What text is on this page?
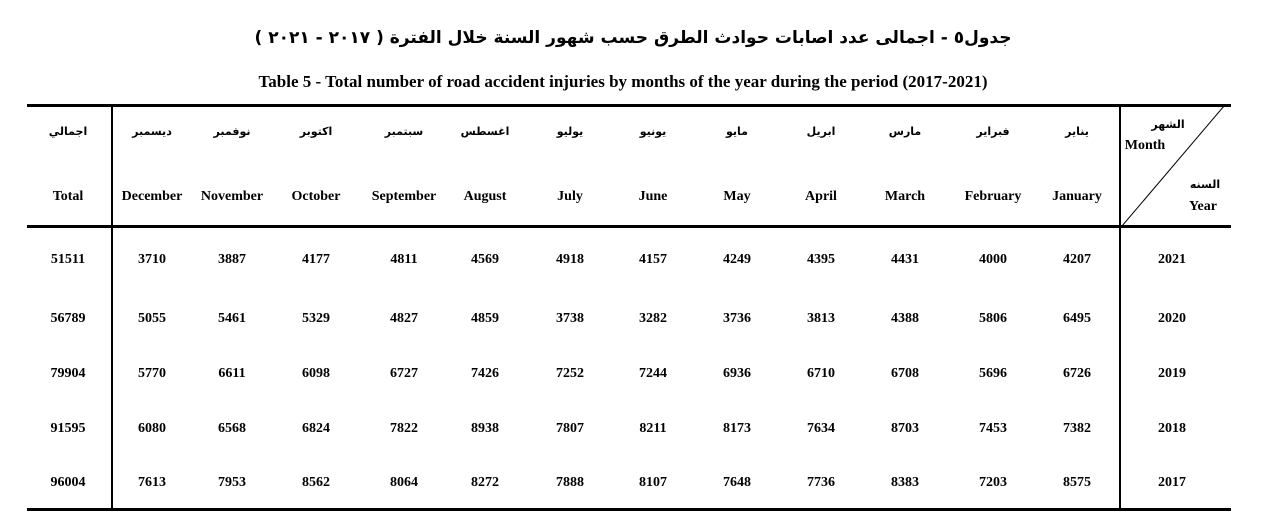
جدول٥ - اجمالى عدد اصابات حوادث الطرق حسب شهور السنة خلال الفترة ( ٢٠١٧ - ٢٠٢١ )
Table 5 - Total number of road accident injuries by months of the year during the period (2017-2021)
الشهر
Month
السنه
Year
يناير
January
فبراير
February
مارس
March
ابريل
April
مايو
May
يونيو
June
يوليو
July
اغسطس
August
سبتمبر
September
اكتوبر
October
نوفمبر
November
ديسمبر
December
اجمالي
Total
2021
4207
4000
4431
4395
4249
4157
4918
4569
4811
4177
3887
3710
51511
2020
6495
5806
4388
3813
3736
3282
3738
4859
4827
5329
5461
5055
56789
2019
6726
5696
6708
6710
6936
7244
7252
7426
6727
6098
6611
5770
79904
2018
7382
7453
8703
7634
8173
8211
7807
8938
7822
6824
6568
6080
91595
2017
8575
7203
8383
7736
7648
8107
7888
8272
8064
8562
7953
7613
96004
